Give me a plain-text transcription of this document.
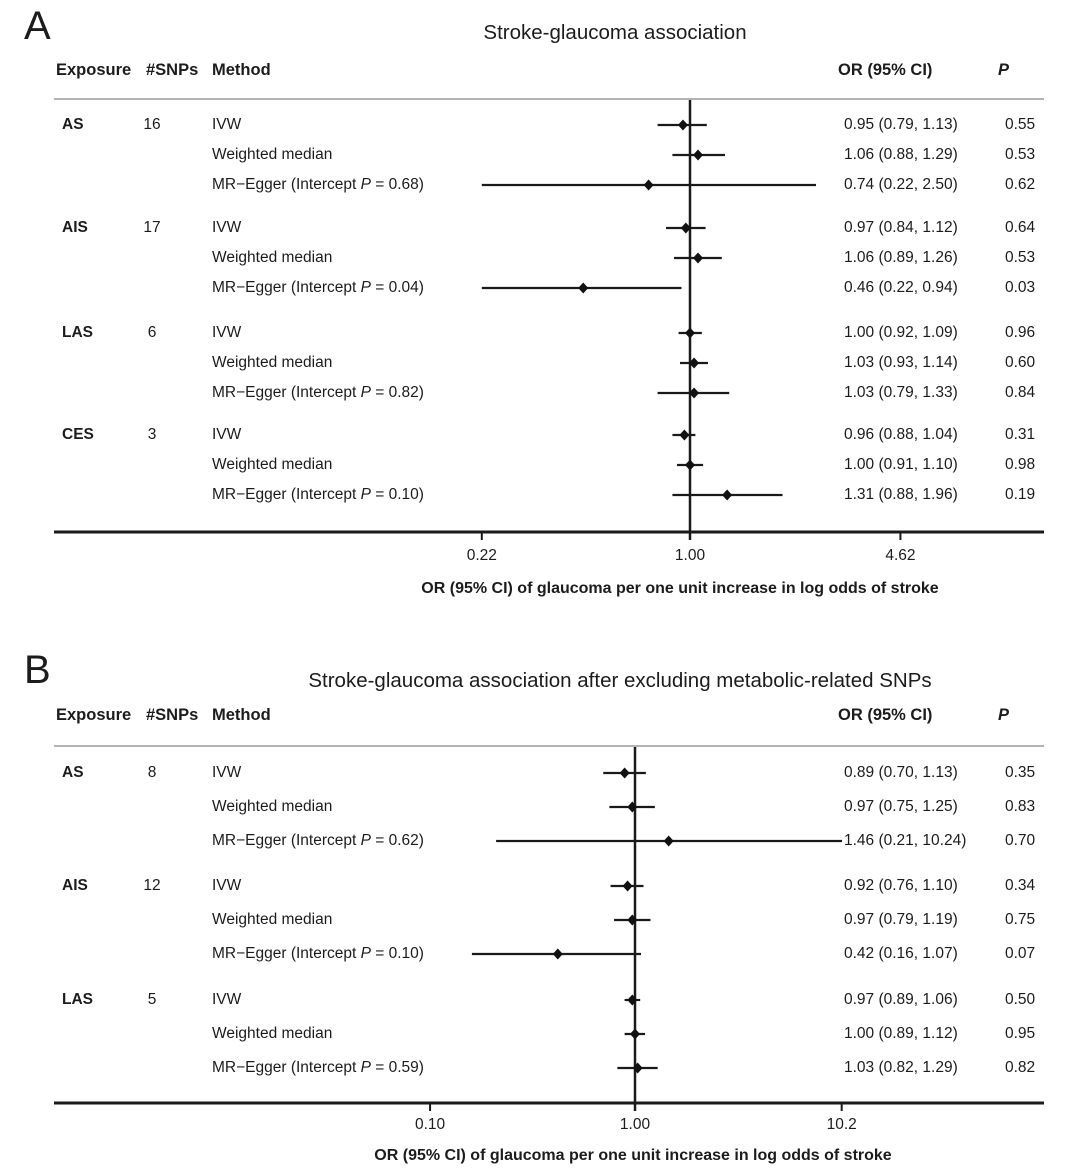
A	Stroke-glaucoma association
Exposure #SNPs Method	OR (95% CI)	P
OR (95% CI) of glaucoma per one unit increase in log odds of stroke
B	Stroke-glaucoma association after excluding metabolic-related SNPs
Exposure #SNPs Method	OR (95% CI)	P
OR (95% CI) of glaucoma per one unit increase in log odds of stroke
0.22	1.00	4.62
AS	16	IVW	0.95 (0.79, 1.13)	0.55
Weighted median	1.06 (0.88, 1.29)	0.53
MR−Egger (Intercept P = 0.68)	0.74 (0.22, 2.50)	0.62
AIS	17	IVW	0.97 (0.84, 1.12)	0.64
Weighted median	1.06 (0.89, 1.26)	0.53
MR−Egger (Intercept P = 0.04)	0.46 (0.22, 0.94)	0.03
LAS	6	IVW	1.00 (0.92, 1.09)	0.96
Weighted median	1.03 (0.93, 1.14)	0.60
MR−Egger (Intercept P = 0.82)	1.03 (0.79, 1.33)	0.84
CES	3	IVW	0.96 (0.88, 1.04)	0.31
Weighted median	1.00 (0.91, 1.10)	0.98
MR−Egger (Intercept P = 0.10)	1.31 (0.88, 1.96)	0.19
0.10	1.00	10.2
AS	8	IVW	0.89 (0.70, 1.13)	0.35
Weighted median	0.97 (0.75, 1.25)	0.83
MR−Egger (Intercept P = 0.62)	1.46 (0.21, 10.24) 0.70
AIS	12	IVW	0.92 (0.76, 1.10)	0.34
Weighted median	0.97 (0.79, 1.19)	0.75
MR−Egger (Intercept P = 0.10)	0.42 (0.16, 1.07)	0.07
LAS	5	IVW	0.97 (0.89, 1.06)	0.50
Weighted median	1.00 (0.89, 1.12)	0.95
MR−Egger (Intercept P = 0.59)	1.03 (0.82, 1.29)	0.82
